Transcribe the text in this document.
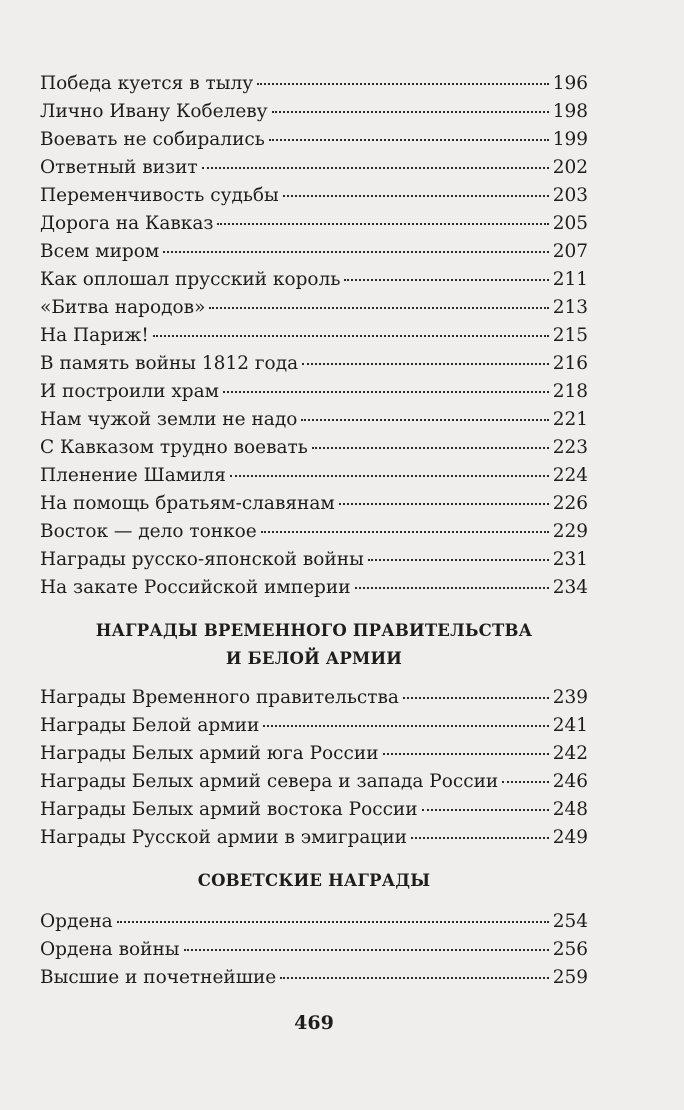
Победа куется в тылу	196
Лично Ивану Кобелеву	198
Воевать не собирались	199
Ответный визит	202
Переменчивость судьбы	203
Дорога на Кавказ	205
Всем миром	207
Как оплошал прусский король	211
«Битва народов»	213
На Париж!	215
В память войны 1812 года	216
И построили храм	218
Нам чужой земли не надо	221
С Кавказом трудно воевать	223
Пленение Шамиля	224
На помощь братьям-славянам	226
Восток — дело тонкое	229
Награды русско-японской войны	231
На закате Российской империи	234
НАГРАДЫ ВРЕМЕННОГО ПРАВИТЕЛЬСТВА
И БЕЛОЙ АРМИИ
Награды Временного правительства	239
Награды Белой армии	241
Награды Белых армий юга России	242
Награды Белых армий севера и запада России	246
Награды Белых армий востока России	248
Награды Русской армии в эмиграции	249
СОВЕТСКИЕ НАГРАДЫ
Ордена	254
Ордена войны	256
Высшие и почетнейшие	259
469
